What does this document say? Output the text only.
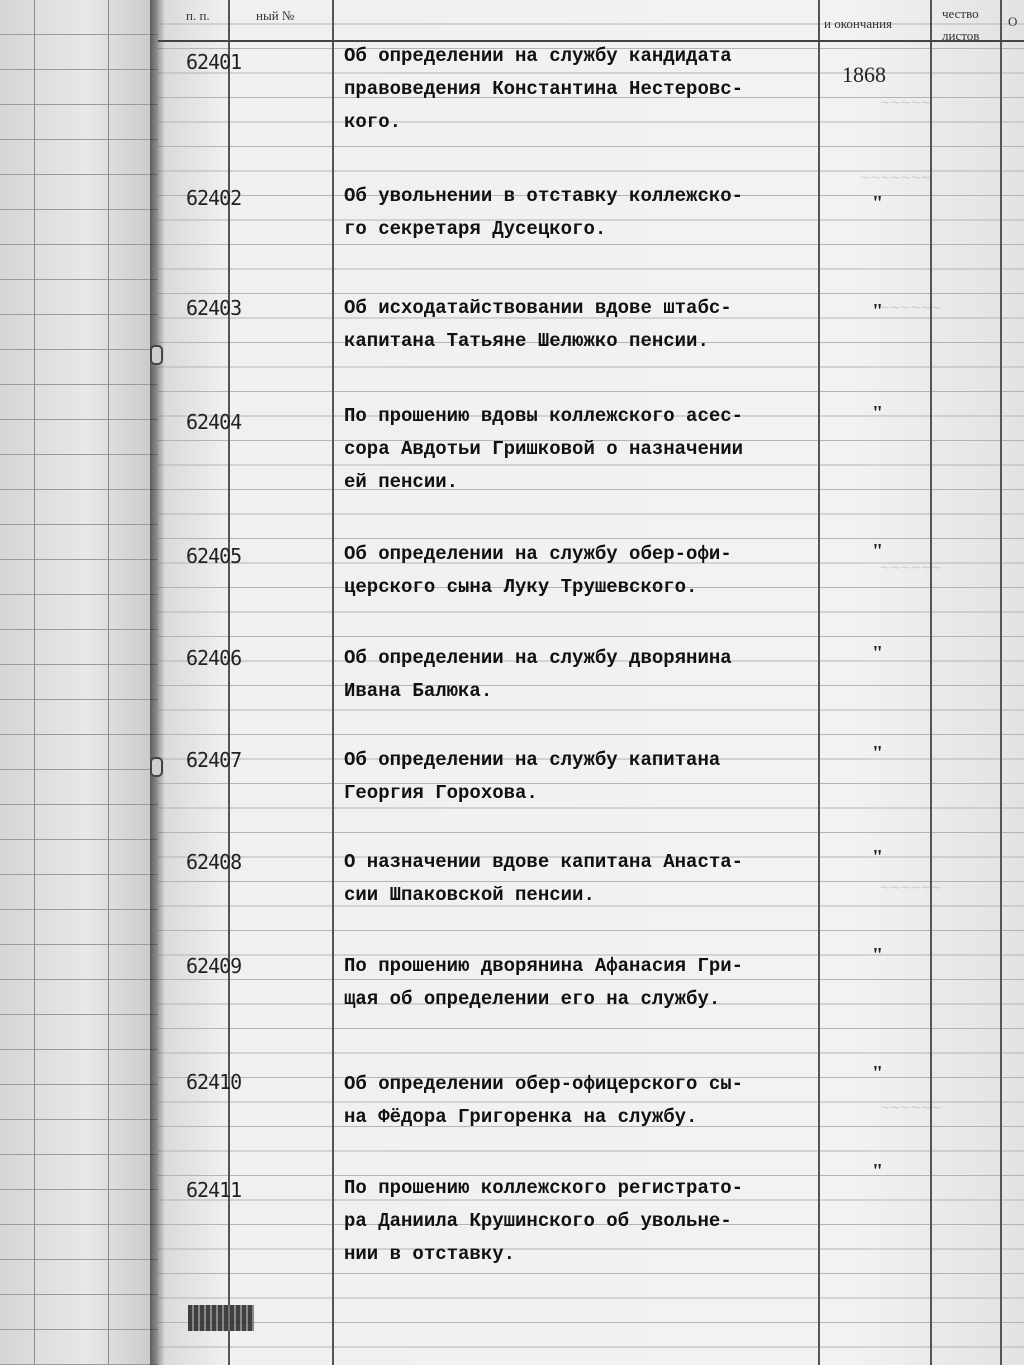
п. п.	ный №
и окончания
чество
листов
О
~~~~~
~~~~~~~
~~~~~~
~~~~~~
~~~~~~
~~~~~~
62401	Об определении на службу кандидата
правоведения Константина Нестеровс-
кого.
1868
62402	Об увольнении в отставку коллежско-
го секретаря Дусецкого.
"
62403	Об исходатайствовании вдове штабс-
капитана Татьяне Шелюжко пенсии.
"
62404	По прошению вдовы коллежского асес-
сора Авдотьи Гришковой о назначении
ей пенсии.
"
62405	Об определении на службу обер-офи-
церского сына Луку Трушевского.
"
62406	Об определении на службу дворянина
Ивана Балюка.
"
62407	Об определении на службу капитана
Георгия Горохова.
"
62408	О назначении вдове капитана Анаста-
сии Шпаковской пенсии.
"
62409	По прошению дворянина Афанасия Гри-
щая об определении его на службу.
"
62410	Об определении обер-офицерского сы-
на Фёдора Григоренка на службу.
"
62411	По прошению коллежского регистрато-
ра Даниила Крушинского об увольне-
нии в отставку.
"
